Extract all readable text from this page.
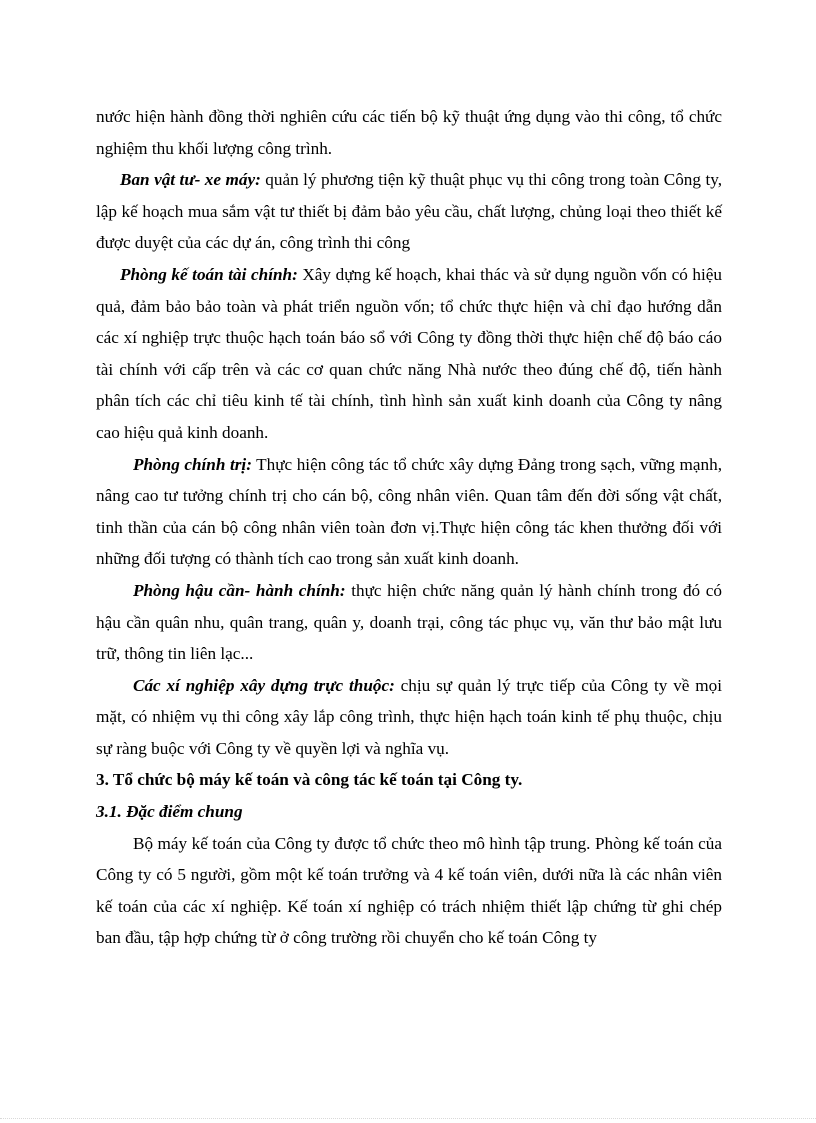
nước hiện hành đồng thời nghiên cứu các tiến bộ kỹ thuật ứng dụng vào thi công, tổ chức nghiệm thu khối lượng công trình.

Ban vật tư- xe máy: quản lý phương tiện kỹ thuật phục vụ thi công trong toàn Công ty, lập kế hoạch mua sắm vật tư thiết bị đảm bảo yêu cầu, chất lượng, chủng loại theo thiết kế được duyệt của các dự án, công trình thi công

Phòng kế toán tài chính: Xây dựng kế hoạch, khai thác và sử dụng nguồn vốn có hiệu quả, đảm bảo bảo toàn và phát triển nguồn vốn; tổ chức thực hiện và chỉ đạo hướng dẫn các xí nghiệp trực thuộc hạch toán báo sổ với Công ty đồng thời thực hiện chế độ báo cáo tài chính với cấp trên và các cơ quan chức năng Nhà nước theo đúng chế độ, tiến hành phân tích các chỉ tiêu kinh tế tài chính, tình hình sản xuất kinh doanh của Công ty nâng cao hiệu quả kinh doanh.

Phòng chính trị: Thực hiện công tác tổ chức xây dựng Đảng trong sạch, vững mạnh, nâng cao tư tưởng chính trị cho cán bộ, công nhân viên. Quan tâm đến đời sống vật chất, tinh thần của cán bộ công nhân viên toàn đơn vị.Thực hiện công tác khen thưởng đối với những đối tượng có thành tích cao trong sản xuất kinh doanh.

Phòng hậu cần- hành chính: thực hiện chức năng quản lý hành chính trong đó có hậu cần quân nhu, quân trang, quân y, doanh trại, công tác phục vụ, văn thư bảo mật lưu trữ, thông tin liên lạc...

Các xí nghiệp xây dựng trực thuộc: chịu sự quản lý trực tiếp của Công ty về mọi mặt, có nhiệm vụ thi công xây lắp công trình, thực hiện hạch toán kinh tế phụ thuộc, chịu sự ràng buộc với Công ty về quyền lợi và nghĩa vụ.

3. Tổ chức bộ máy kế toán và công tác kế toán tại Công ty.

3.1. Đặc điểm chung

Bộ máy kế toán của Công ty được tổ chức theo mô hình tập trung. Phòng kế toán của Công ty có 5 người, gồm một kế toán trưởng và 4 kế toán viên, dưới nữa là các nhân viên kế toán của các xí nghiệp. Kế toán xí nghiệp có trách nhiệm thiết lập chứng từ ghi chép ban đầu, tập hợp chứng từ ở công trường rồi chuyển cho kế toán Công ty
